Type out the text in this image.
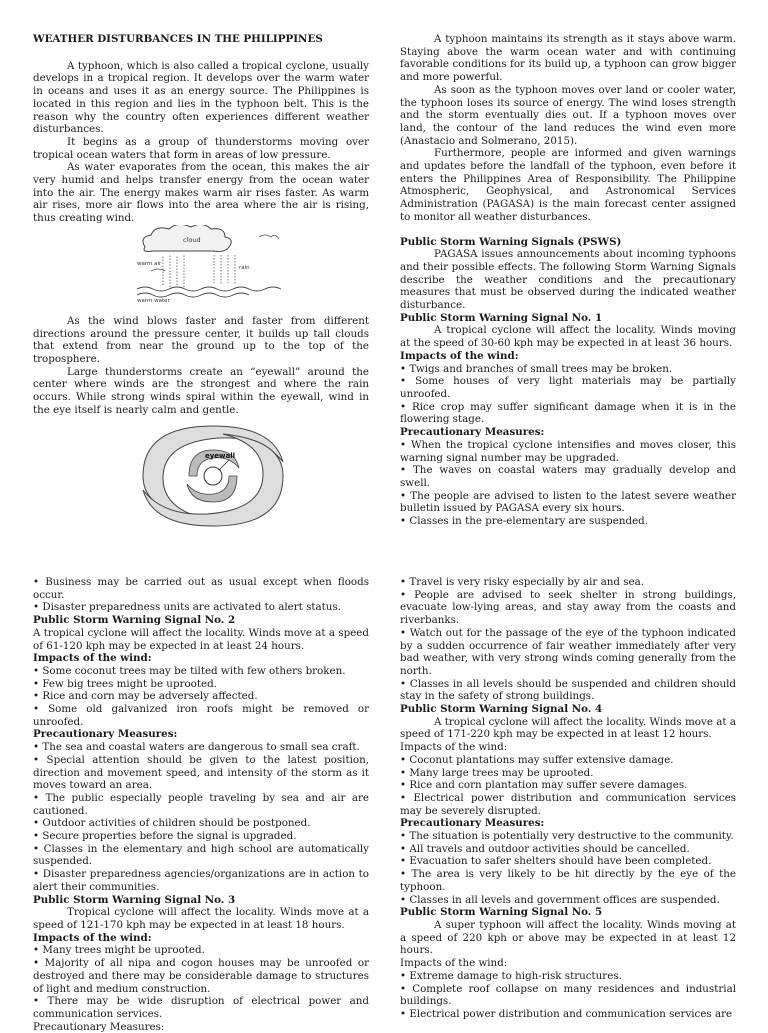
WEATHER DISTURBANCES IN THE PHILIPPINES

A typhoon, which is also called a tropical cyclone, usually develops in a tropical region. It develops over the warm water in oceans and uses it as an energy source. The Philippines is located in this region and lies in the typhoon belt. This is the reason why the country often experiences different weather disturbances.

It begins as a group of thunderstorms moving over tropical ocean waters that form in areas of low pressure.

As water evaporates from the ocean, this makes the air very humid and helps transfer energy from the ocean water into the air. The energy makes warm air rises faster. As warm air rises, more air flows into the area where the air is rising, thus creating wind.

cloud
warm air
rain
warm water

As the wind blows faster and faster from different directions around the pressure center, it builds up tall clouds that extend from near the ground up to the top of the troposphere.

Large thunderstorms create an “eyewall” around the center where winds are the strongest and where the rain occurs. While strong winds spiral within the eyewall, wind in the eye itself is nearly calm and gentle.

eyewall

A typhoon maintains its strength as it stays above warm. Staying above the warm ocean water and with continuing favorable conditions for its build up, a typhoon can grow bigger and more powerful.

As soon as the typhoon moves over land or cooler water, the typhoon loses its source of energy. The wind loses strength and the storm eventually dies out. If a typhoon moves over land, the contour of the land reduces the wind even more (Anastacio and Solmerano, 2015).

Furthermore, people are informed and given warnings and updates before the landfall of the typhoon, even before it enters the Philippines Area of Responsibility. The Philippine Atmospheric, Geophysical, and Astronomical Services Administration (PAGASA) is the main forecast center assigned to monitor all weather disturbances.

Public Storm Warning Signals (PSWS)

PAGASA issues announcements about incoming typhoons and their possible effects. The following Storm Warning Signals describe the weather conditions and the precautionary measures that must be observed during the indicated weather disturbance.

Public Storm Warning Signal No. 1

A tropical cyclone will affect the locality. Winds moving at the speed of 30-60 kph may be expected in at least 36 hours.

Impacts of the wind:

• Twigs and branches of small trees may be broken.

• Some houses of very light materials may be partially unroofed.

• Rice crop may suffer significant damage when it is in the flowering stage.

Precautionary Measures:

• When the tropical cyclone intensifies and moves closer, this warning signal number may be upgraded.

• The waves on coastal waters may gradually develop and swell.

• The people are advised to listen to the latest severe weather bulletin issued by PAGASA every six hours.

• Classes in the pre-elementary are suspended.

• Business may be carried out as usual except when floods occur.

• Disaster preparedness units are activated to alert status.

Public Storm Warning Signal No. 2

A tropical cyclone will affect the locality. Winds move at a speed of 61-120 kph may be expected in at least 24 hours.

Impacts of the wind:

• Some coconut trees may be tilted with few others broken.

• Few big trees might be uprooted.

• Rice and corn may be adversely affected.

• Some old galvanized iron roofs might be removed or unroofed.

Precautionary Measures:

• The sea and coastal waters are dangerous to small sea craft.

• Special attention should be given to the latest position, direction and movement speed, and intensity of the storm as it moves toward an area.

• The public especially people traveling by sea and air are cautioned.

• Outdoor activities of children should be postponed.

• Secure properties before the signal is upgraded.

• Classes in the elementary and high school are automatically suspended.

• Disaster preparedness agencies/organizations are in action to alert their communities.

Public Storm Warning Signal No. 3

Tropical cyclone will affect the locality. Winds move at a speed of 121-170 kph may be expected in at least 18 hours.

Impacts of the wind:

• Many trees might be uprooted.

• Majority of all nipa and cogon houses may be unroofed or destroyed and there may be considerable damage to structures of light and medium construction.

• There may be wide disruption of electrical power and communication services.

Precautionary Measures:

• Travel is very risky especially by air and sea.

• People are advised to seek shelter in strong buildings, evacuate low-lying areas, and stay away from the coasts and riverbanks.

• Watch out for the passage of the eye of the typhoon indicated by a sudden occurrence of fair weather immediately after very bad weather, with very strong winds coming generally from the north.

• Classes in all levels should be suspended and children should stay in the safety of strong buildings.

Public Storm Warning Signal No. 4

A tropical cyclone will affect the locality. Winds move at a speed of 171-220 kph may be expected in at least 12 hours.

Impacts of the wind:

• Coconut plantations may suffer extensive damage.

• Many large trees may be uprooted.

• Rice and corn plantation may suffer severe damages.

• Electrical power distribution and communication services may be severely disrupted.

Precautionary Measures:

• The situation is potentially very destructive to the community.

• All travels and outdoor activities should be cancelled.

• Evacuation to safer shelters should have been completed.

• The area is very likely to be hit directly by the eye of the typhoon.

• Classes in all levels and government offices are suspended.

Public Storm Warning Signal No. 5

A super typhoon will affect the locality. Winds moving at a speed of 220 kph or above may be expected in at least 12 hours.

Impacts of the wind:

• Extreme damage to high-risk structures.

• Complete roof collapse on many residences and industrial buildings.

• Electrical power distribution and communication services are
